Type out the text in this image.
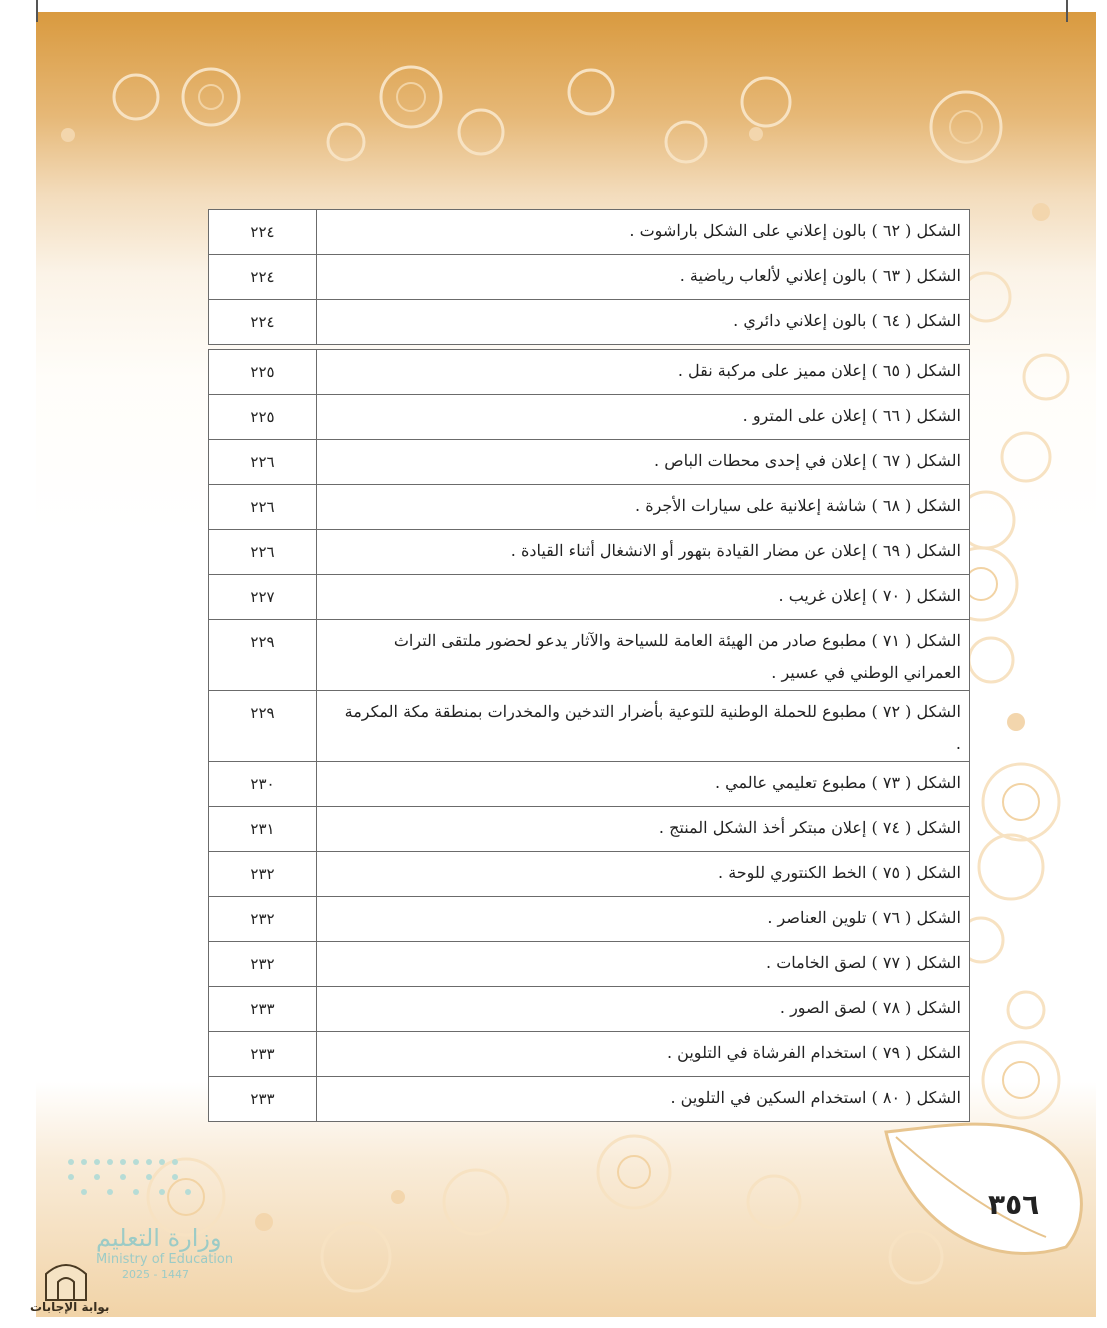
٢٢٤	الشكل ( ٦٢ ) بالون إعلاني على الشكل باراشوت .
٢٢٤	الشكل ( ٦٣ ) بالون إعلاني لألعاب رياضية .
٢٢٤	الشكل ( ٦٤ ) بالون إعلاني دائري .
٢٢٥	الشكل ( ٦٥ ) إعلان مميز على مركبة نقل .
٢٢٥	الشكل ( ٦٦ ) إعلان على المترو .
٢٢٦	الشكل ( ٦٧ ) إعلان في إحدى محطات الباص .
٢٢٦	الشكل ( ٦٨ ) شاشة إعلانية على سيارات الأجرة .
٢٢٦	الشكل ( ٦٩ ) إعلان عن مضار القيادة بتهور أو الانشغال أثناء القيادة .
٢٢٧	الشكل ( ٧٠ ) إعلان غريب .
٢٢٩	الشكل ( ٧١ ) مطبوع صادر من الهيئة العامة للسياحة والآثار يدعو لحضور ملتقى التراث العمراني الوطني في عسير .
٢٢٩	الشكل ( ٧٢ ) مطبوع للحملة الوطنية للتوعية بأضرار التدخين والمخدرات بمنطقة مكة المكرمة .
٢٣٠	الشكل ( ٧٣ ) مطبوع تعليمي عالمي .
٢٣١	الشكل ( ٧٤ ) إعلان مبتكر أخذ الشكل المنتج .
٢٣٢	الشكل ( ٧٥ ) الخط الكنتوري للوحة .
٢٣٢	الشكل ( ٧٦ ) تلوين العناصر .
٢٣٢	الشكل ( ٧٧ ) لصق الخامات .
٢٣٣	الشكل ( ٧٨ ) لصق الصور .
٢٣٣	الشكل ( ٧٩ ) استخدام الفرشاة في التلوين .
٢٣٣	الشكل ( ٨٠ ) استخدام السكين في التلوين .
٣٥٦
وزارة التعليم
Ministry of Education
2025 - 1447
بوابة الإجابات
